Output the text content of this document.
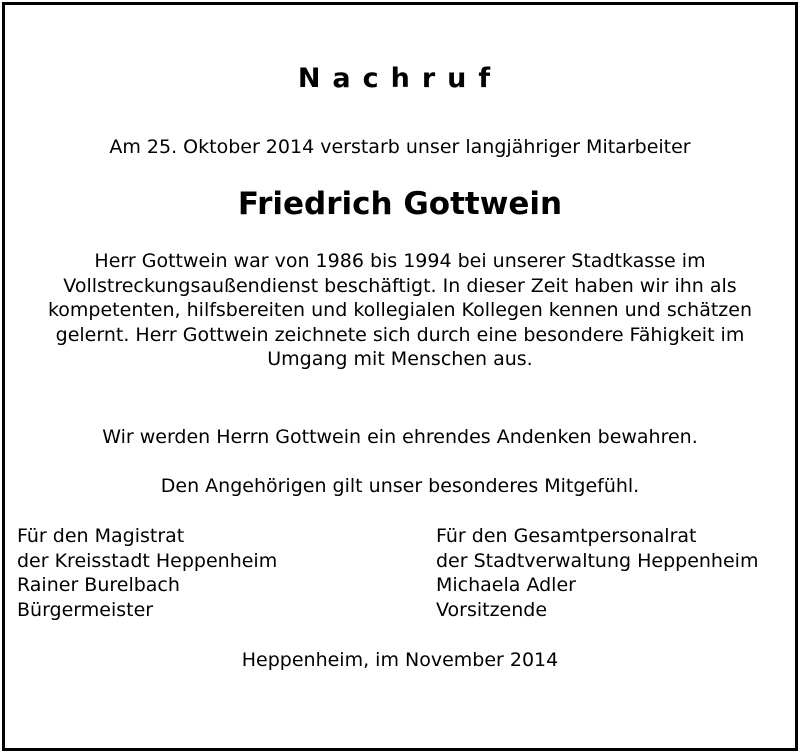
Nachruf
Am 25. Oktober 2014 verstarb unser langjähriger Mitarbeiter
Friedrich Gottwein
Herr Gottwein war von 1986 bis 1994 bei unserer Stadtkasse im
Vollstreckungsaußendienst beschäftigt. In dieser Zeit haben wir ihn als
kompetenten, hilfsbereiten und kollegialen Kollegen kennen und schätzen
gelernt. Herr Gottwein zeichnete sich durch eine besondere Fähigkeit im
Umgang mit Menschen aus.
Wir werden Herrn Gottwein ein ehrendes Andenken bewahren.
Den Angehörigen gilt unser besonderes Mitgefühl.
Für den Magistrat
der Kreisstadt Heppenheim
Rainer Burelbach
Bürgermeister
Für den Gesamtpersonalrat
der Stadtverwaltung Heppenheim
Michaela Adler
Vorsitzende
Heppenheim, im November 2014
